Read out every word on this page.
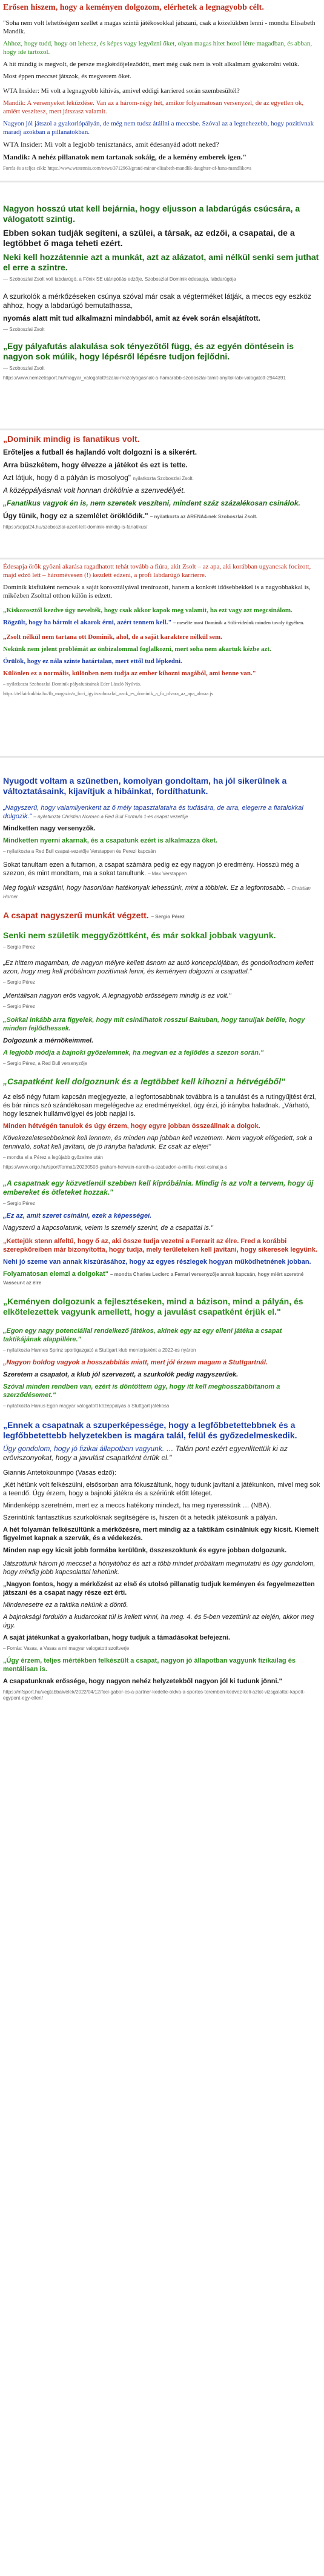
Erősen hiszem, hogy a keményen dolgozom, elérhetek a legnagyobb célt.

"Soha nem volt lehetőségem szellet a magas szintű játékosokkal játszani, csak a közelükben lenni - mondta Elisabeth Mandik.

Ahhoz, hogy tudd, hogy ott lehetsz, és képes vagy legyőzni őket, olyan magas hitet hozol létre magadban, és abban, hogy ide tartozol.

A hit mindig is megvolt, de persze megkérdőjeleződött, mert még csak nem is volt alkalmam gyakorolni velük.

Most éppen meccset játszok, és megverem őket.

WTA Insider: Mi volt a legnagyobb kihívás, amivel eddigi karriered során szembesültél?

Mandik: A versenyeket lekűzdése. Van az a három-négy hét, amikor folyamatosan versenyzel, de az egyetlen ok, amiért veszítesz, mert játszasz valamit.

Nagyon jól játszol a gyakorlópályán, de még nem tudsz átállni a meccsbe. Szóval az a legnehezebb, hogy pozitívnak maradj azokban a pillanatokban.

WTA Insider: Mi volt a legjobb tenisztanács, amit édesanyád adott neked?

Mandik: A nehéz pillanatok nem tartanak sokáig, de a kemény emberek igen."

Forrás és a teljes cikk: https://www.wtatennis.com/news/3712963/grand-minor-elisabeth-mandlik-daughter-of-hana-mandlikova

Nagyon hosszú utat kell bejárnia, hogy eljusson a labdarúgás csúcsára, a válogatott szintig.

Ebben sokan tudják segíteni, a szülei, a társak, az edzői, a csapatai, de a legtöbbet ő maga teheti ezért.

Neki kell hozzátennie azt a munkát, azt az alázatot, ami nélkül senki sem juthat el erre a szintre.

— Szoboszlai Zsolt volt labdarúgó, a Főnix SE utánpótlás edzője, Szoboszlai Dominik édesapja, labdarúgója

A szurkolók a mérkőzéseken csúnya szóval már csak a végterméket látják, a meccs egy eszköz ahhoz, hogy a labdarúgó bemutathassa,

nyomás alatt mit tud alkalmazni mindabból, amit az évek során elsajátított.

— Szoboszlai Zsolt

„Egy pályafutás alakulása sok tényezőtől függ, és az egyén döntésein is nagyon sok múlik, hogy lépésről lépésre tudjon fejlődni.

— Szoboszlai Zsolt

https://www.nemzetisport.hu/magyar_valogatott/szalai-mozolyogasnak-a-hamarabb-szoboszlai-tamit-anyitol-labi-valogatott-2944391

„Dominik mindig is fanatikus volt.

Erőteljes a futball és hajlandó volt dolgozni is a sikerért.

Arra büszkétem, hogy élvezze a játékot és ezt is tette.

Azt látjuk, hogy ő a pályán is mosolyog" nyilatkozta Szoboszlai Zsolt.

A középpályásnak volt honnan örökölnie a szenvedélyét.

„Fanatikus vagyok én is, nem szeretek veszíteni, mindent száz százalékosan csinálok.

Úgy tűnik, hogy ez a szemlélet öröklődik." – nyilatkozta az ARENA4-nek Szoboszlai Zsolt.

https://sdpal24.hu/szoboszlai-azert-lett-dominik-mindig-is-fanatikus/

Édesapja örök gyözni akarása ragadhatott tehát tovább a fiúra, akit Zsolt – az apa, aki korábban ugyancsak focizott, majd edző lett – háromévesen (!) kezdett edzeni, a profi labdarúgó karrierre.

Dominik kisfiúként nemcsak a saját korosztályával trenírozott, hanem a konkrét idősebbekkel is a nagyobbakkal is, miközben Zsolttal otthon külön is edzett.

„Kiskorosztól kezdve úgy nevelték, hogy csak akkor kapok meg valamit, ha ezt vagy azt megcsinálom.

Rögzült, hogy ha bármit el akarok érni, azért tennem kell." – mesélte most Dominik a Stili-videónk minden tavaly ügyében.

„Zsolt nélkül nem tartana ott Dominik, ahol, de a saját karaktere nélkül sem.

Nekünk nem jelent problémát az önbizalommal foglalkozni, mert soha nem akartuk kézbe azt.

Örülök, hogy ez nála szinte határtalan, mert ettől tud lépkedni.

Különlen ez a normális, különben nem tudja az ember kihozni magából, ami benne van."

– nyilatkozta Szoboszlai Dominik pályafutásának Eder László Nyilvás.

https://telfairkukbia.hu/fb_magazin/a_foci_igyi/szoboszlai_azok_es_dominik_a_fu_olvara_az_apa_almaa.js

Nyugodt voltam a szünetben, komolyan gondoltam, ha jól sikerülnek a változtatásaink, kijavítjuk a hibáinkat, fordíthatunk.

„Nagyszerű, hogy valamilyenkent az ő mély tapasztalataira és tudására, de arra, elegerre a fiatalokkal dolgozik." – nyilatkozta Christian Norman a Red Bull Formula 1-es csapat vezetője

Mindketten nagy versenyzők.

Mindketten nyerni akarnak, és a csapatunk ezért is alkalmazza őket.

– nyilatkozta a Red Bull csapat-vezetője Verstappen és Perezi kapcsán

Sokat tanultam ezen a futamon, a csapat számára pedig ez egy nagyon jó eredmény. Hosszú még a szezon, és mint mondtam, ma a sokat tanultunk. – Max Verstappen

Meg fogjuk vizsgálni, hogy hasonlóan hatékonyak lehessünk, mint a többiek. Ez a legfontosabb. – Christian Horner

A csapat nagyszerű munkát végzett. – Sergio Pérez

Senki nem születik meggyőzöttként, és már sokkal jobbak vagyunk.

– Sergio Pérez

„Ez hittem magamban, de nagyon mélyre kellett ásnom az autó koncepciójában, és gondolkodnom kellett azon, hogy meg kell próbálnom pozitívnak lenni, és keményen dolgozni a csapattal."

– Sergio Pérez

„Mentálisan nagyon erős vagyok. A legnagyobb erősségem mindig is ez volt."

– Sergio Pérez

„Sokkal inkább arra figyelek, hogy mit csinálhatok rosszul Bakuban, hogy tanuljak belőle, hogy minden fejlődhessek.

Dolgozunk a mérnökeimmel.

A legjobb módja a bajnoki győzelemnek, ha megvan ez a fejlődés a szezon során."

– Sergio Pérez, a Red Bull versenyzője

„Csapatként kell dolgoznunk és a legtöbbet kell kihozni a hétvégéből"

Az első négy futam kapcsán megjegyezte, a legfontosabbnak továbbra is a tanulást és a rutingyűjtést érzi, és bár nincs szó szándékosan megelégedve az eredményekkel, úgy érzi, jó irányba haladnak. „Várható, hogy lesznek hullámvölgyei és jobb napjai is.

Minden hétvégén tanulok és úgy érzem, hogy egyre jobban összeállnak a dolgok.

Kövekezeletesebbeknek kell lennem, és minden nap jobban kell vezetnem. Nem vagyok elégedett, sok a tennivaló, sokat kell javítani, de jó irányba haladunk. Ez csak az eleje!"

– mondta el a Pérez a legújabb győzelme után

https://www.origo.hu/sport/forma1/20230503-graham-heiwain-nareth-a-szabadon-a-milliu-most-csinalja-s

„A csapatnak egy közvetlenül szebben kell kipróbálnia. Mindig is az volt a tervem, hogy új embereket és ötleteket hozzak."

– Sergio Pérez

„Ez az, amit szeret csinálni, ezek a képességei.

Nagyszerű a kapcsolatunk, velem is személy szerint, de a csapattal is."

„Kettejük stenn alfeltű, hogy ő az, aki össze tudja vezetni a Ferrarit az élre. Fred a korábbi szerepköreiben már bizonyította, hogy tudja, mely területeken kell javítani, hogy sikeresek legyünk.

Nehi jó szeme van annak kiszúrásához, hogy az egyes részlegek hogyan működhetnének jobban.

Folyamatosan elemzi a dolgokat" – mondta Charles Leclerc a Ferrari versenyzője annak kapcsán, hogy miért szeretné Vasseur-t az élre

„Keményen dolgozunk a fejlesztéseken, mind a bázison, mind a pályán, és elkötelezettek vagyunk amellett, hogy a javulást csapatként érjük el."

„Egon egy nagy potenciállal rendelkező játékos, akinek egy az egy elleni játéka a csapat taktikájának alappillére."

– nyilatkozta Hannes Sprinz sportigazgató a Stuttgart klub mentorjaként a 2022-es nyáron

„Nagyon boldog vagyok a hosszabbítás miatt, mert jól érzem magam a Stuttgartnál.

Szeretem a csapatot, a klub jól szervezett, a szurkolók pedig nagyszerűek.

Szóval minden rendben van, ezért is döntöttem úgy, hogy itt kell meghosszabbítanom a szerződésemet."

– nyilatkozta Hanus Egon magyar válogatott középpályás a Stuttgart játékosa

„Ennek a csapatnak a szuperképessége, hogy a legfőbbetettebbnek és a legfőbbetettebb helyzetekben is magára talál, felül és győzedelmeskedik.

Úgy gondolom, hogy jó fizikai állapotban vagyunk. … Talán pont ezért egyenlítettük ki az erőviszonyokat, hogy a javulást csapatként értük el."

Giannis Antetokounmpo (Vasas edző):

„Két hétünk volt felkészülni, elsősorban arra fókuszáltunk, hogy tudunk javítani a játékunkon, mivel meg sok a teendő. Úgy érzem, hogy a bajnoki játékra és a szériúnk előtt léteget.

Mindenképp szeretném, mert ez a meccs hatékony mindezt, ha meg nyeressünk … (NBA).

Szerintünk fantasztikus szurkolóknak segítségére is, hiszen őt a hetedik játékosunk a pályán.

A hét folyamán felkészültünk a mérkőzésre, mert mindig az a taktikám csinálniuk egy kicsit. Kiemelt figyelmet kapnak a szervák, és a védekezés.

Minden nap egy kicsit jobb formába kerülünk, összeszoktunk és egyre jobban dolgozunk.

Játszottunk három jó meccset a hónyitóhoz és azt a több mindet próbáltam megmutatni és úgy gondolom, hogy mindig jobb kapcsolattal lehetünk.

„Nagyon fontos, hogy a mérkőzést az első és utolsó pillanatig tudjuk keményen és fegyelmezetten játszani és a csapat nagy része ezt érti.

Mindenesetre ez a taktika nekünk a döntő.

A bajnoksági fordulón a kudarcokat túl is kellett vinni, ha meg. 4. és 5-ben vezettünk az elején, akkor meg úgy.

A saját játékunkat a gyakorlatban, hogy tudjuk a támadásokat befejezni.

– Forrás: Vasas, a Vasas a mi magyar valogatott szoftverje

„Úgy érzem, teljes mértékben felkészült a csapat, nagyon jó állapotban vagyunk fizikailag és mentálisan is.

A csapatunknak erőssége, hogy nagyon nehéz helyzetekből nagyon jól ki tudunk jönni."

https://mfsport.hu/vegtabbak/elek/2022/04/12/foci-gabor-es-a-partner-kedelle-oldva-a-sportos-teremben-kedvez-keli-aztot-vizsgalattal-kapott-egypont-egy-ellen/
